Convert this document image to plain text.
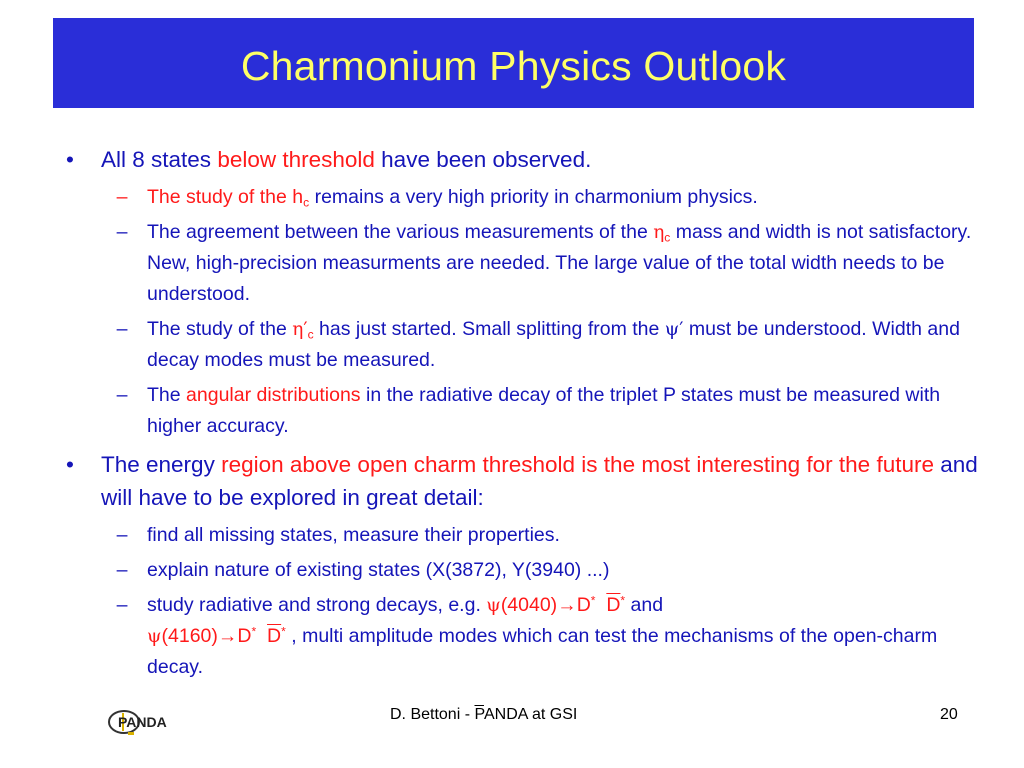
Charmonium Physics Outlook
• All 8 states below threshold have been observed.
– The study of the $h_c$ remains a very high priority in charmonium physics.
– The agreement between the various measurements of the $\eta_c$ mass and width is not satisfactory. New, high-precision measurments are needed. The large value of the total width needs to be understood.
– The study of the $\eta'_c$ has just started. Small splitting from the ψ′ must be understood. Width and decay modes must be measured.
– The angular distributions in the radiative decay of the triplet P states must be measured with higher accuracy.
• The energy region above open charm threshold is the most interesting for the future and will have to be explored in great detail:
– find all missing states, measure their properties.
– explain nature of existing states (X(3872), Y(3940) ...)
– study radiative and strong decays, e.g. ψ(4040)→D* $\overline{D}^*$ and
ψ(4160)→D* $\overline{D}^*$ , multi amplitude modes which can test the mechanisms of the open-charm decay.
PANDA	D. Bettoni - $\overline{P}ANDA$ at GSI	20
